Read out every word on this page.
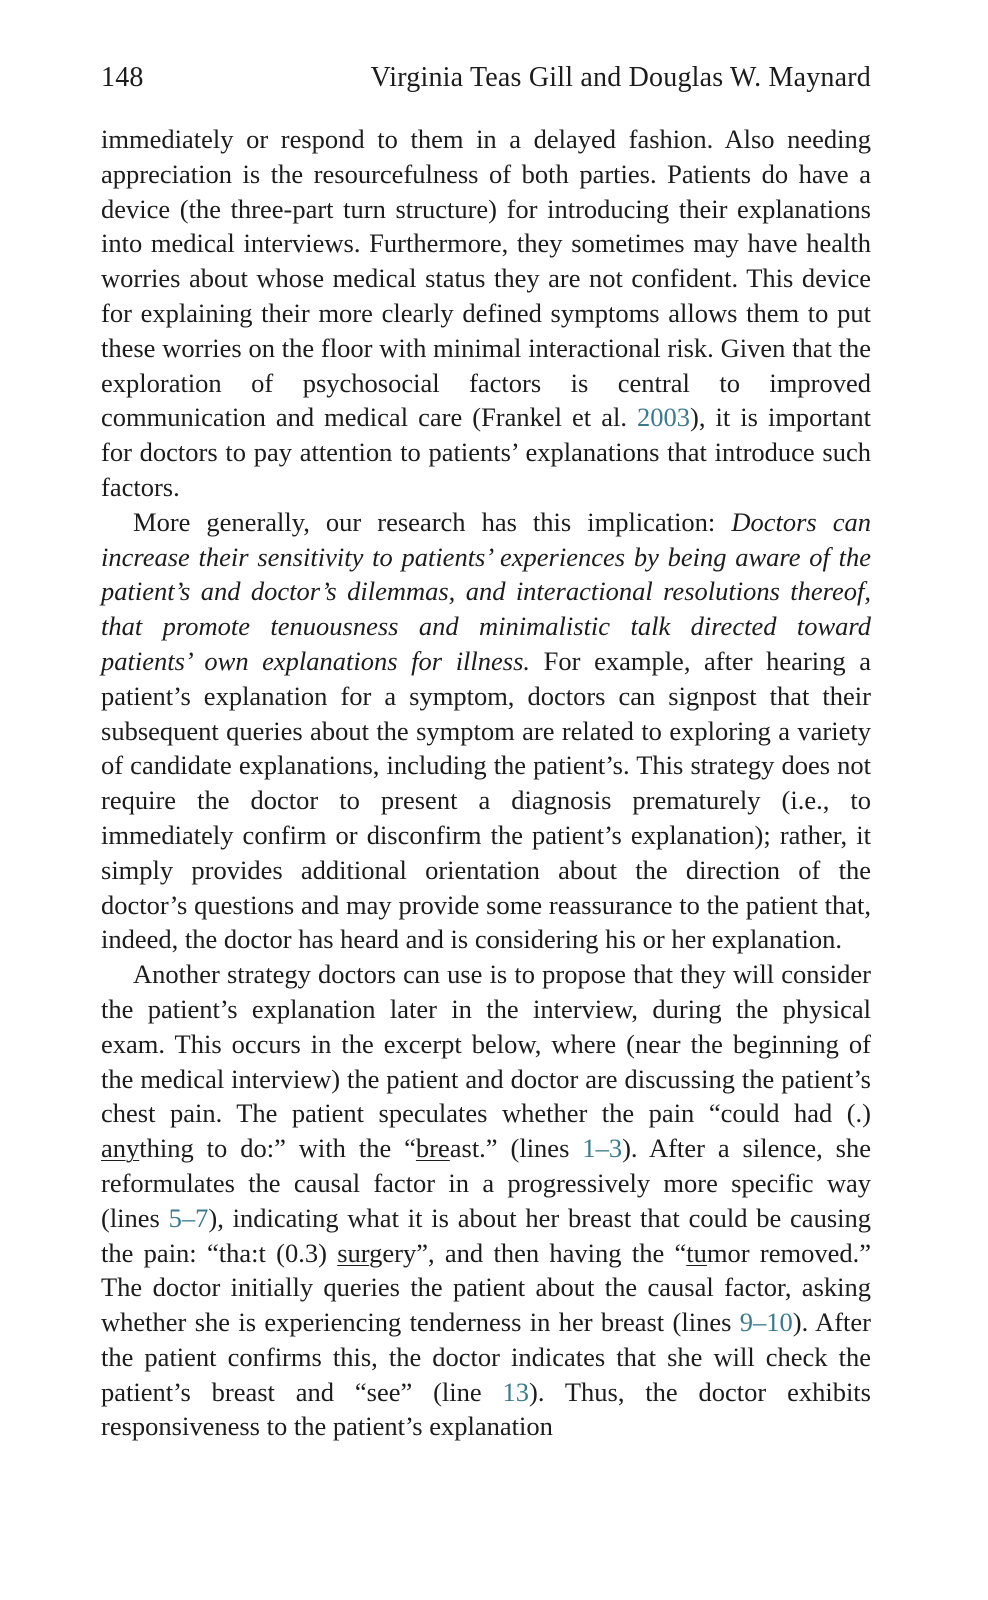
148	Virginia Teas Gill and Douglas W. Maynard

immediately or respond to them in a delayed fashion. Also needing appreciation is the resourcefulness of both parties. Patients do have a device (the three-part turn structure) for introducing their explanations into medical interviews. Furthermore, they sometimes may have health worries about whose medical status they are not confident. This device for explaining their more clearly defined symptoms allows them to put these worries on the floor with minimal interactional risk. Given that the exploration of psychosocial factors is central to improved communication and medical care (Frankel et al. 2003), it is important for doctors to pay attention to patients’ explanations that introduce such factors.

More generally, our research has this implication: Doctors can increase their sensitivity to patients’ experiences by being aware of the patient’s and doctor’s dilemmas, and interactional resolutions thereof, that promote tenuousness and minimalistic talk directed toward patients’ own explanations for illness. For example, after hearing a patient’s explanation for a symptom, doctors can signpost that their subsequent queries about the symptom are related to exploring a variety of candidate explanations, including the patient’s. This strategy does not require the doctor to present a diagnosis prematurely (i.e., to immediately confirm or disconfirm the patient’s explanation); rather, it simply provides additional orientation about the direction of the doctor’s questions and may provide some reassurance to the patient that, indeed, the doctor has heard and is considering his or her explanation.

Another strategy doctors can use is to propose that they will consider the patient’s explanation later in the interview, during the physical exam. This occurs in the excerpt below, where (near the beginning of the medical interview) the patient and doctor are discussing the patient’s chest pain. The patient speculates whether the pain “could had (.) anything to do:” with the “breast.” (lines 1–3). After a silence, she reformulates the causal factor in a progressively more specific way (lines 5–7), indicating what it is about her breast that could be causing the pain: “tha:t (0.3) surgery”, and then having the “tumor removed.” The doctor initially queries the patient about the causal factor, asking whether she is experiencing tenderness in her breast (lines 9–10). After the patient confirms this, the doctor indicates that she will check the patient’s breast and “see” (line 13). Thus, the doctor exhibits responsiveness to the patient’s explanation
